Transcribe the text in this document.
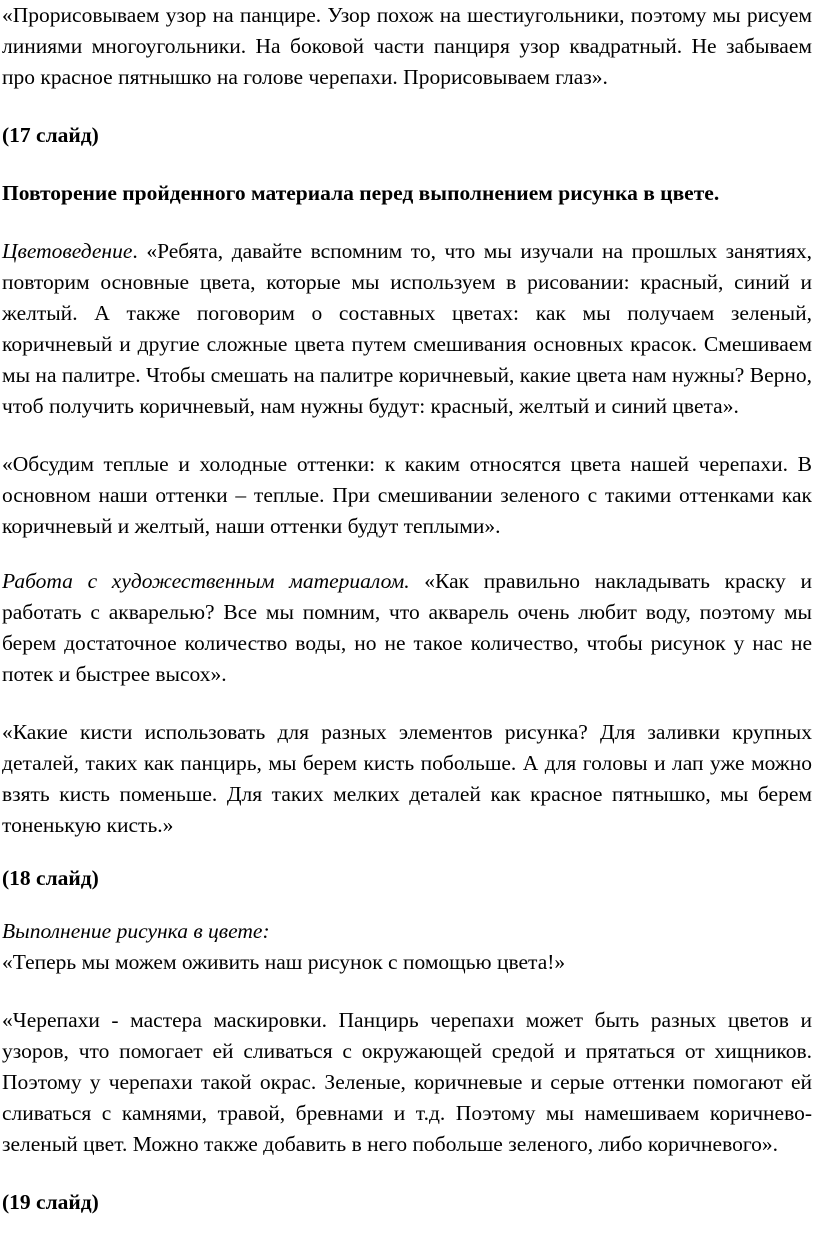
«Прорисовываем узор на панцире. Узор похож на шестиугольники, поэтому мы рисуем линиями многоугольники. На боковой части панциря узор квадратный. Не забываем про красное пятнышко на голове черепахи. Прорисовываем глаз».

(17 слайд)

Повторение пройденного материала перед выполнением рисунка в цвете.

Цветоведение. «Ребята, давайте вспомним то, что мы изучали на прошлых занятиях, повторим основные цвета, которые мы используем в рисовании: красный, синий и желтый. А также поговорим о составных цветах: как мы получаем зеленый, коричневый и другие сложные цвета путем смешивания основных красок. Смешиваем мы на палитре. Чтобы смешать на палитре коричневый, какие цвета нам нужны? Верно, чтоб получить коричневый, нам нужны будут: красный, желтый и синий цвета».

«Обсудим теплые и холодные оттенки: к каким относятся цвета нашей черепахи. В основном наши оттенки – теплые. При смешивании зеленого с такими оттенками как коричневый и желтый, наши оттенки будут теплыми».

Работа с художественным материалом. «Как правильно накладывать краску и работать с акварелью? Все мы помним, что акварель очень любит воду, поэтому мы берем достаточное количество воды, но не такое количество, чтобы рисунок у нас не потек и быстрее высох».

«Какие кисти использовать для разных элементов рисунка? Для заливки крупных деталей, таких как панцирь, мы берем кисть побольше. А для головы и лап уже можно взять кисть поменьше. Для таких мелких деталей как красное пятнышко, мы берем тоненькую кисть.»

(18 слайд)

Выполнение рисунка в цвете:

«Теперь мы можем оживить наш рисунок с помощью цвета!»

«Черепахи - мастера маскировки. Панцирь черепахи может быть разных цветов и узоров, что помогает ей сливаться с окружающей средой и прятаться от хищников. Поэтому у черепахи такой окрас. Зеленые, коричневые и серые оттенки помогают ей сливаться с камнями, травой, бревнами и т.д. Поэтому мы намешиваем коричнево-зеленый цвет. Можно также добавить в него побольше зеленого, либо коричневого».

(19 слайд)
